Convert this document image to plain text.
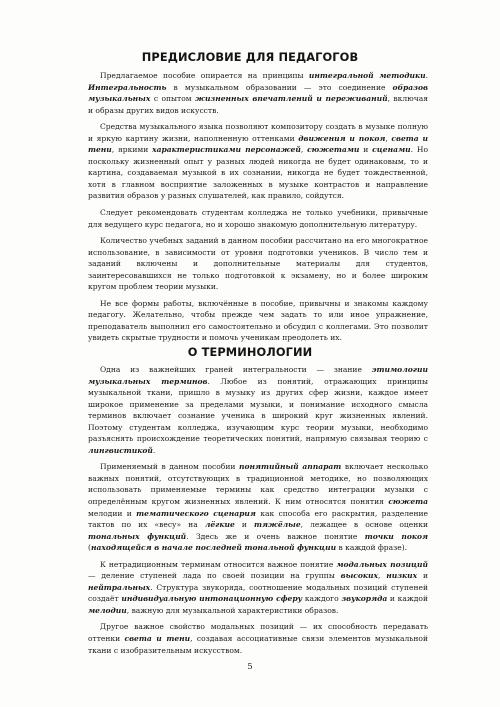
ПРЕДИСЛОВИЕ ДЛЯ ПЕДАГОГОВ

Предлагаемое пособие опирается на принципы интегральной методики. Интегральность в музыкальном образовании — это соединение образов музыкальных с опытом жизненных впечатлений и переживаний, включая и образы других видов искусств.

Средства музыкального языка позволяют композитору создать в музыке полную и яркую картину жизни, наполненную оттенками движения и покоя, света и тени, яркими характеристиками персонажей, сюжетами и сценами. Но поскольку жизненный опыт у разных людей никогда не будет одинаковым, то и картина, создаваемая музыкой в их сознании, никогда не будет тождественной, хотя в главном восприятие заложенных в музыке контрастов и направление развития образов у разных слушателей, как правило, сойдутся.

Следует рекомендовать студентам колледжа не только учебники, привычные для ведущего курс педагога, но и хорошо знакомую дополнительную литературу.

Количество учебных заданий в данном пособии рассчитано на его многократное использование, в зависимости от уровня подготовки учеников. В число тем и заданий включены и дополнительные материалы для студентов, заинтересовавшихся не только подготовкой к экзамену, но и более широким кругом проблем теории музыки.

Не все формы работы, включённые в пособие, привычны и знакомы каждому педагогу. Желательно, чтобы прежде чем задать то или иное упражнение, преподаватель выполнил его самостоятельно и обсудил с коллегами. Это позволит увидеть скрытые трудности и помочь ученикам преодолеть их.

О ТЕРМИНОЛОГИИ

Одна из важнейших граней интегральности — знание этимологии музыкальных терминов. Любое из понятий, отражающих принципы музыкальной ткани, пришло в музыку из других сфер жизни, каждое имеет широкое применение за пределами музыки, и понимание исходного смысла терминов включает сознание ученика в широкий круг жизненных явлений. Поэтому студентам колледжа, изучающим курс теории музыки, необходимо разъяснять происхождение теоретических понятий, напрямую связывая теорию с лингвистикой.

Применяемый в данном пособии понятийный аппарат включает несколько важных понятий, отсутствующих в традиционной методике, но позволяющих использовать применяемые термины как средство интеграции музыки с определённым кругом жизненных явлений. К ним относятся понятия сюжета мелодии и тематического сценария как способа его раскрытия, разделение тактов по их «весу» на лёгкие и тяжёлые, лежащее в основе оценки тональных функций. Здесь же и очень важное понятие точки покоя (находящейся в начале последней тональной функции в каждой фразе).

К нетрадиционным терминам относится важное понятие модальных позиций — деление ступеней лада по своей позиции на группы высоких, низких и нейтральных. Структура звукоряда, соотношение модальных позиций ступеней создаёт индивидуальную интонационную сферу каждого звукоряда и каждой мелодии, важную для музыкальной характеристики образов.

Другое важное свойство модальных позиций — их способность передавать оттенки света и тени, создавая ассоциативные связи элементов музыкальной ткани с изобразительным искусством.

5
